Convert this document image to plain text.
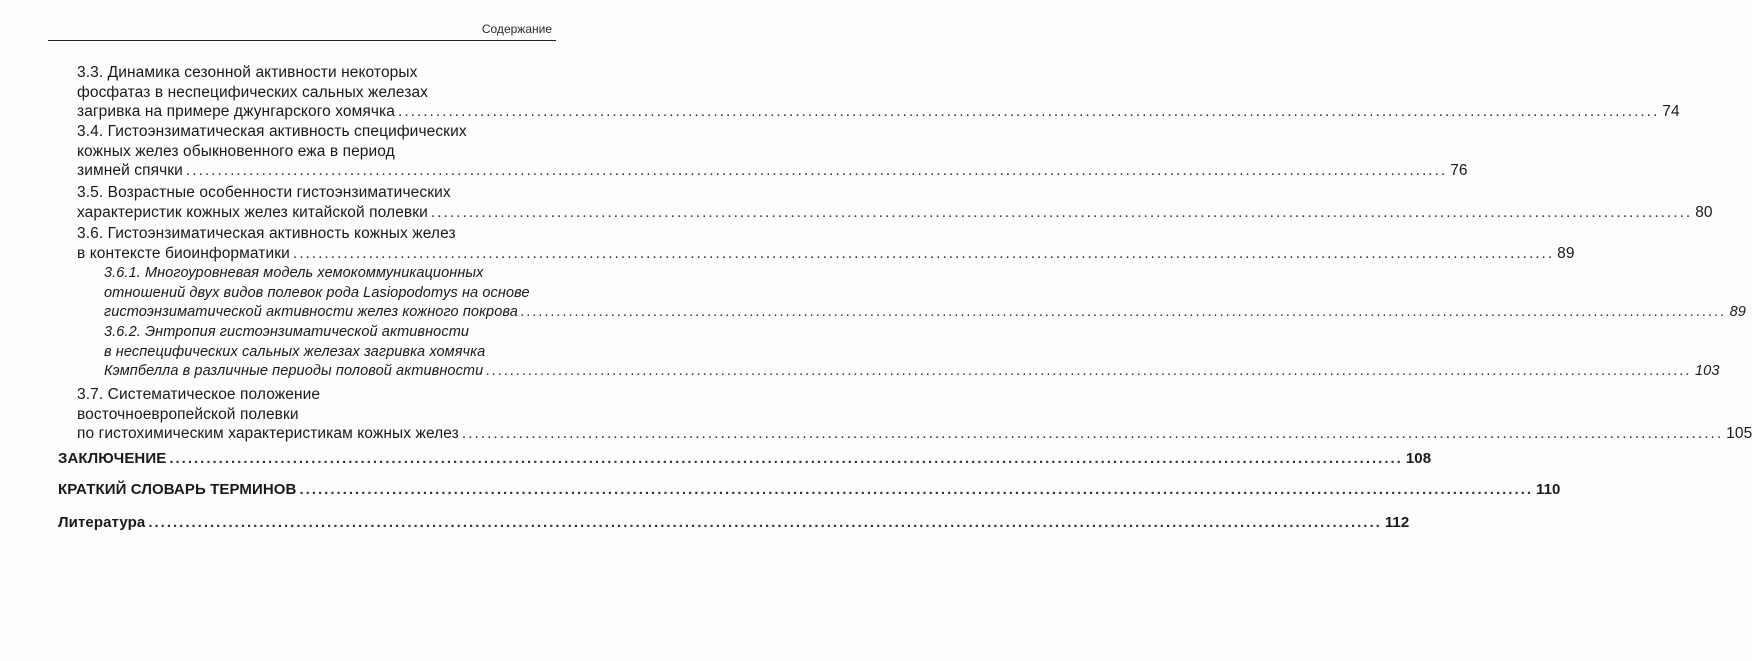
Содержание
3.3. Динамика сезонной активности некоторых
фосфатаз в неспецифических сальных железах
загривка на примере джунгарского хомячка ........................................................................................................................................................................................................ 74
3.4. Гистоэнзиматическая активность специфических
кожных желез обыкновенного ежа в период
зимней спячки ........................................................................................................................................................................................................ 76
3.5. Возрастные особенности гистоэнзиматических
характеристик кожных желез китайской полевки ........................................................................................................................................................................................................ 80
3.6. Гистоэнзиматическая активность кожных желез
в контексте биоинформатики ........................................................................................................................................................................................................ 89
3.6.1. Многоуровневая модель хемокоммуникационных
отношений двух видов полевок рода Lasiopodomys на основе
гистоэнзиматической активности желез кожного покрова ........................................................................................................................................................................................................ 89
3.6.2. Энтропия гистоэнзиматической активности
в неспецифических сальных железах загривка хомячка
Кэмпбелла в различные периоды половой активности ........................................................................................................................................................................................................ 103
3.7. Систематическое положение
восточноевропейской полевки
по гистохимическим характеристикам кожных желез ........................................................................................................................................................................................................ 105
ЗАКЛЮЧЕНИЕ ........................................................................................................................................................................................................ 108
КРАТКИЙ СЛОВАРЬ ТЕРМИНОВ ........................................................................................................................................................................................................ 110
Литература ........................................................................................................................................................................................................ 112
